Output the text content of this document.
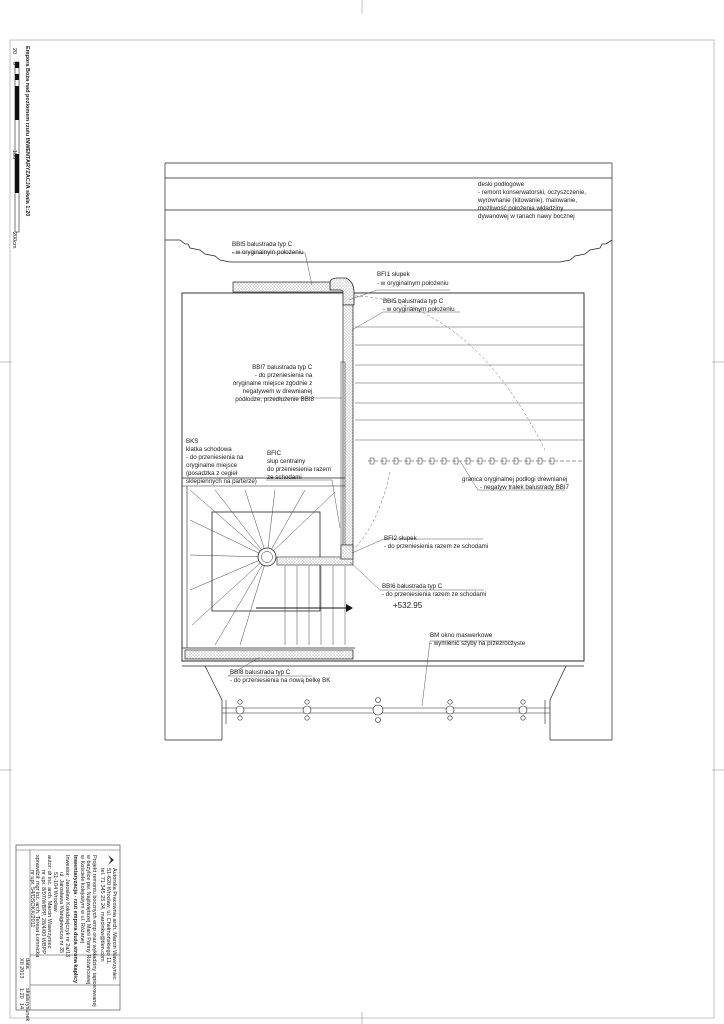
Empora Boża nad poziomem rzutu INWENTARYZACJA skala 1:20
20
0
100
200cm
deski podłogowe - remont konserwatorski, oczyszczenie, wyrównanie (kitowanie), malowanie, możliwość położenia wkładziny dywanowej w ranach nawy bocznej
BBI5 balustrada typ C - w oryginalnym położeniu
BFI1 słupek - w oryginalnym położeniu
BBI5 balustrada typ C - w oryginalnym położeniu
BBI7 balustrada typ C - do przeniesienia na oryginalne miejsce zgodnie z negatywem w drewnianej podłodze, przedłużenie BBI8
BKS klatka schodowa - do przeniesienia na oryginalne miejsce (posadzka z cegieł sklepiennych na parterze)
BFIC słup centralny do przeniesienia razem ze schodami	granica oryginalnej podłogi drewnianej - negatyw tralek balustrady BBI7
BFI2 słupek - do przeniesienia razem ze schodami
BBI6 balustrada typ C - do przeniesienia razem ze schodami
+532.95
BM okno maswerkowe - wymienić szyby na przezroczyste
BBI8 balustrada typ C - do przeniesienia na nową belkę BK
Autorska Pracownia arch. Marcin Wawrzyniec
51-620 Wrocław, ul. Chełmońskiego 11,
tel. 71 345 25 24, marcinkw@tlen.com
Projekt remontu bocznych emp oraz wykładziny tapicerowanej
w bazylice pw. Najświętszej Marii Panny Różańcowej
w Kościele kolejowym w ul. Różanej
Inwentaryzacja - rzut empora duża strona kaplicy
Inwestor: Jarosław Kołodziejczyk nr 2a/13
ul. Jarosława Wanigiewicza nr 35
51-104 Wrocław
autor: dr inż. arch. Marcin Wawrzyniec
nr upr. 8/97/WBPP, 28/4/00 WBPP
sprawdził: mgr inż. arch. Teresa Łomnicka
nr upr. 54/DSOKK/2011
data
XII 2013
skala
1:20
rysunek
14
